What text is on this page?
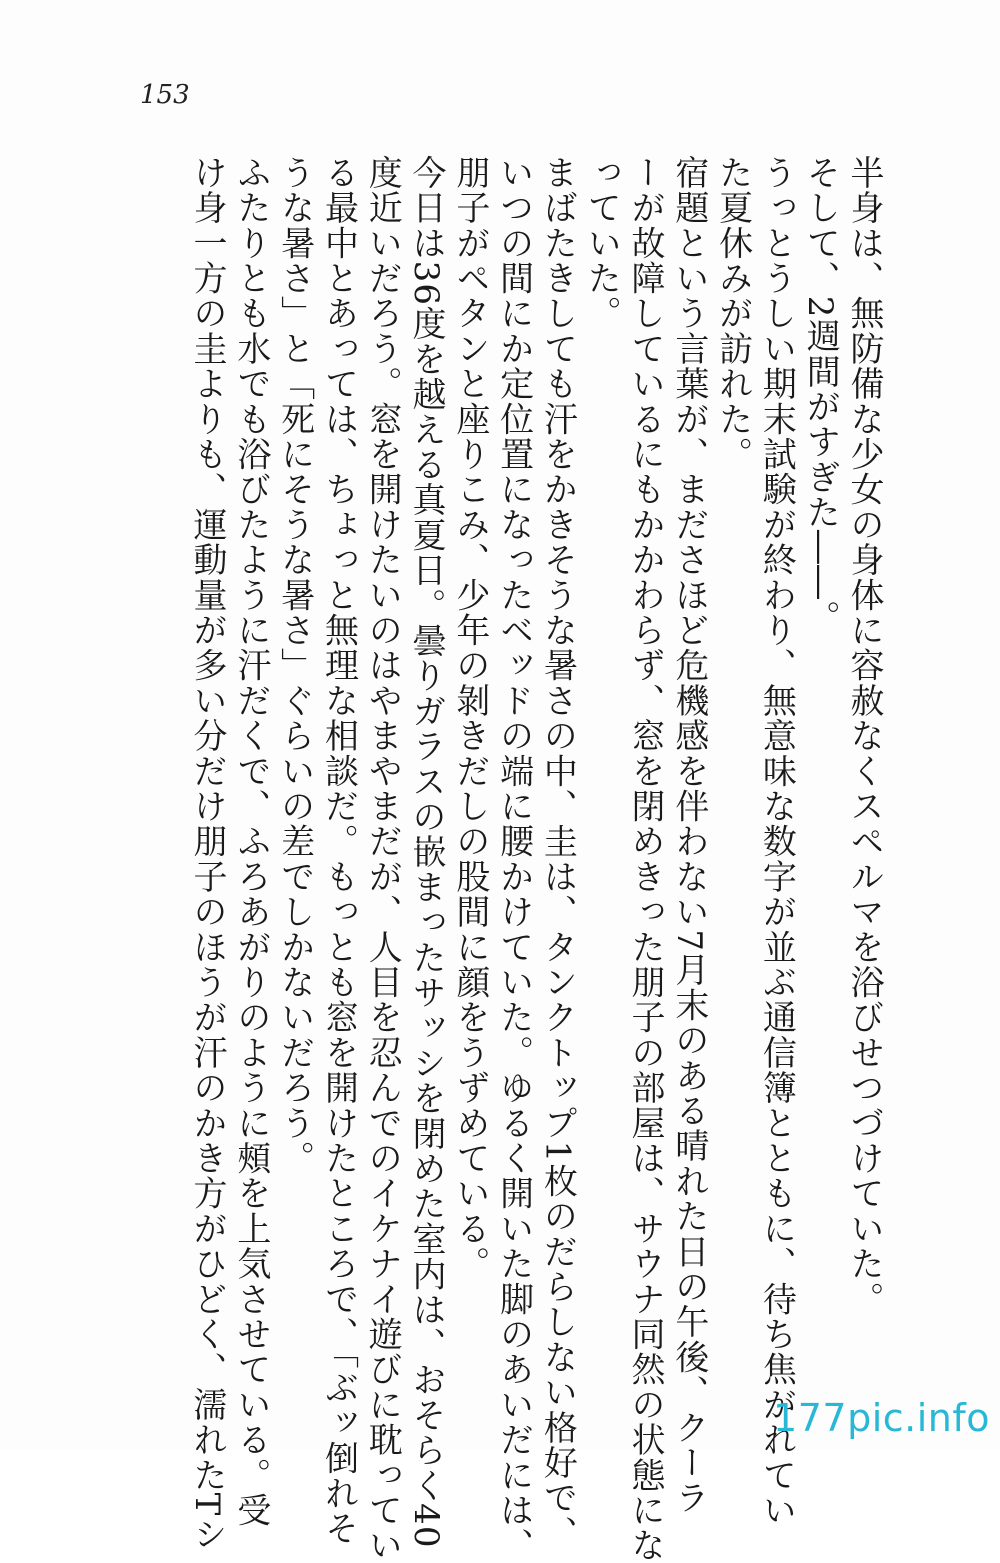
153
半身は、無防備な少女の身体に容赦なくスペルマを浴びせつづけていた。
そして、2週間がすぎた――。
うっとうしい期末試験が終わり、無意味な数字が並ぶ通信簿とともに、待ち焦がれてい
た夏休みが訪れた。
宿題という言葉が、まださほど危機感を伴わない7月末のある晴れた日の午後、クーラ
ーが故障しているにもかかわらず、窓を閉めきった朋子の部屋は、サウナ同然の状態にな
っていた。
まばたきしても汗をかきそうな暑さの中、圭は、タンクトップ1枚のだらしない格好で、
いつの間にか定位置になったベッドの端に腰かけていた。ゆるく開いた脚のあいだには、
朋子がペタンと座りこみ、少年の剝きだしの股間に顔をうずめている。
今日は36度を越える真夏日。曇りガラスの嵌まったサッシを閉めた室内は、おそらく40
度近いだろう。窓を開けたいのはやまやまだが、人目を忍んでのイケナイ遊びに耽ってい
る最中とあっては、ちょっと無理な相談だ。もっとも窓を開けたところで、「ぶッ倒れそ
うな暑さ」と「死にそうな暑さ」ぐらいの差でしかないだろう。
ふたりとも水でも浴びたように汗だくで、ふろあがりのように頰を上気させている。受
け身一方の圭よりも、運動量が多い分だけ朋子のほうが汗のかき方がひどく、濡れたTシ	177pic.info
